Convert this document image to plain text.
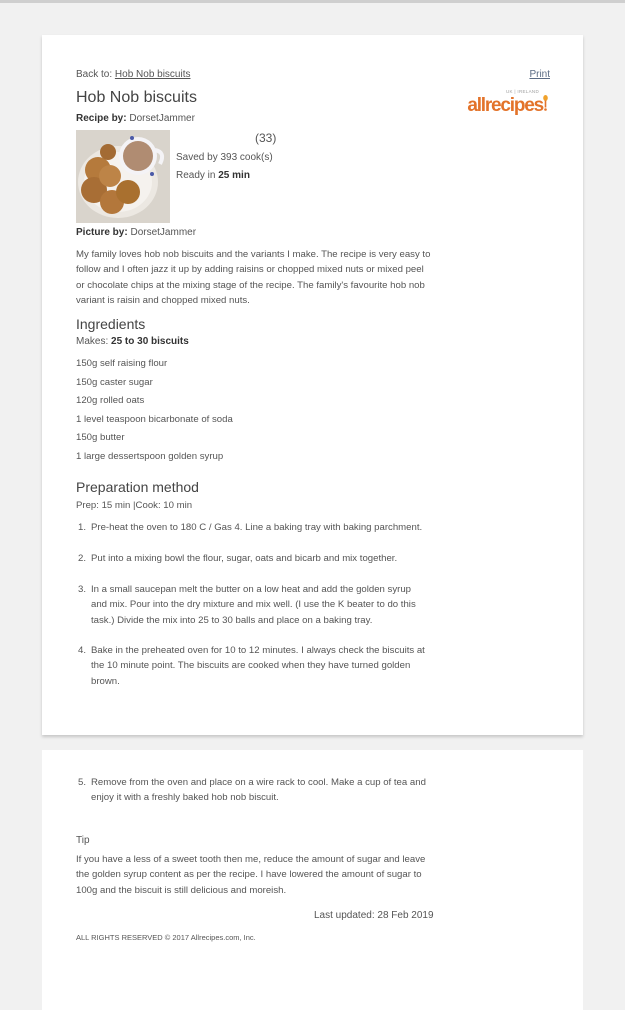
Back to: Hob Nob biscuits	Print
UK | IRELAND
allrecipes
Hob Nob biscuits
Recipe by: DorsetJammer
(33)
Saved by 393 cook(s)
Ready in 25 min
Picture by: DorsetJammer
My family loves hob nob biscuits and the variants I make. The recipe is very easy to follow and I often jazz it up by adding raisins or chopped mixed nuts or mixed peel or chocolate chips at the mixing stage of the recipe. The family's favourite hob nob variant is raisin and chopped mixed nuts.
Ingredients
Makes: 25 to 30 biscuits
150g self raising flour
150g caster sugar
120g rolled oats
1 level teaspoon bicarbonate of soda
150g butter
1 large dessertspoon golden syrup
Preparation method
Prep: 15 min |Cook: 10 min
1. Pre-heat the oven to 180 C / Gas 4. Line a baking tray with baking parchment.
2. Put into a mixing bowl the flour, sugar, oats and bicarb and mix together.
3. In a small saucepan melt the butter on a low heat and add the golden syrup and mix. Pour into the dry mixture and mix well. (I use the K beater to do this task.) Divide the mix into 25 to 30 balls and place on a baking tray.
4. Bake in the preheated oven for 10 to 12 minutes. I always check the biscuits at the 10 minute point. The biscuits are cooked when they have turned golden brown.
5. Remove from the oven and place on a wire rack to cool. Make a cup of tea and enjoy it with a freshly baked hob nob biscuit.
Tip
If you have a less of a sweet tooth then me, reduce the amount of sugar and leave the golden syrup content as per the recipe. I have lowered the amount of sugar to 100g and the biscuit is still delicious and moreish.
Last updated: 28 Feb 2019
ALL RIGHTS RESERVED © 2017 Allrecipes.com, Inc.
